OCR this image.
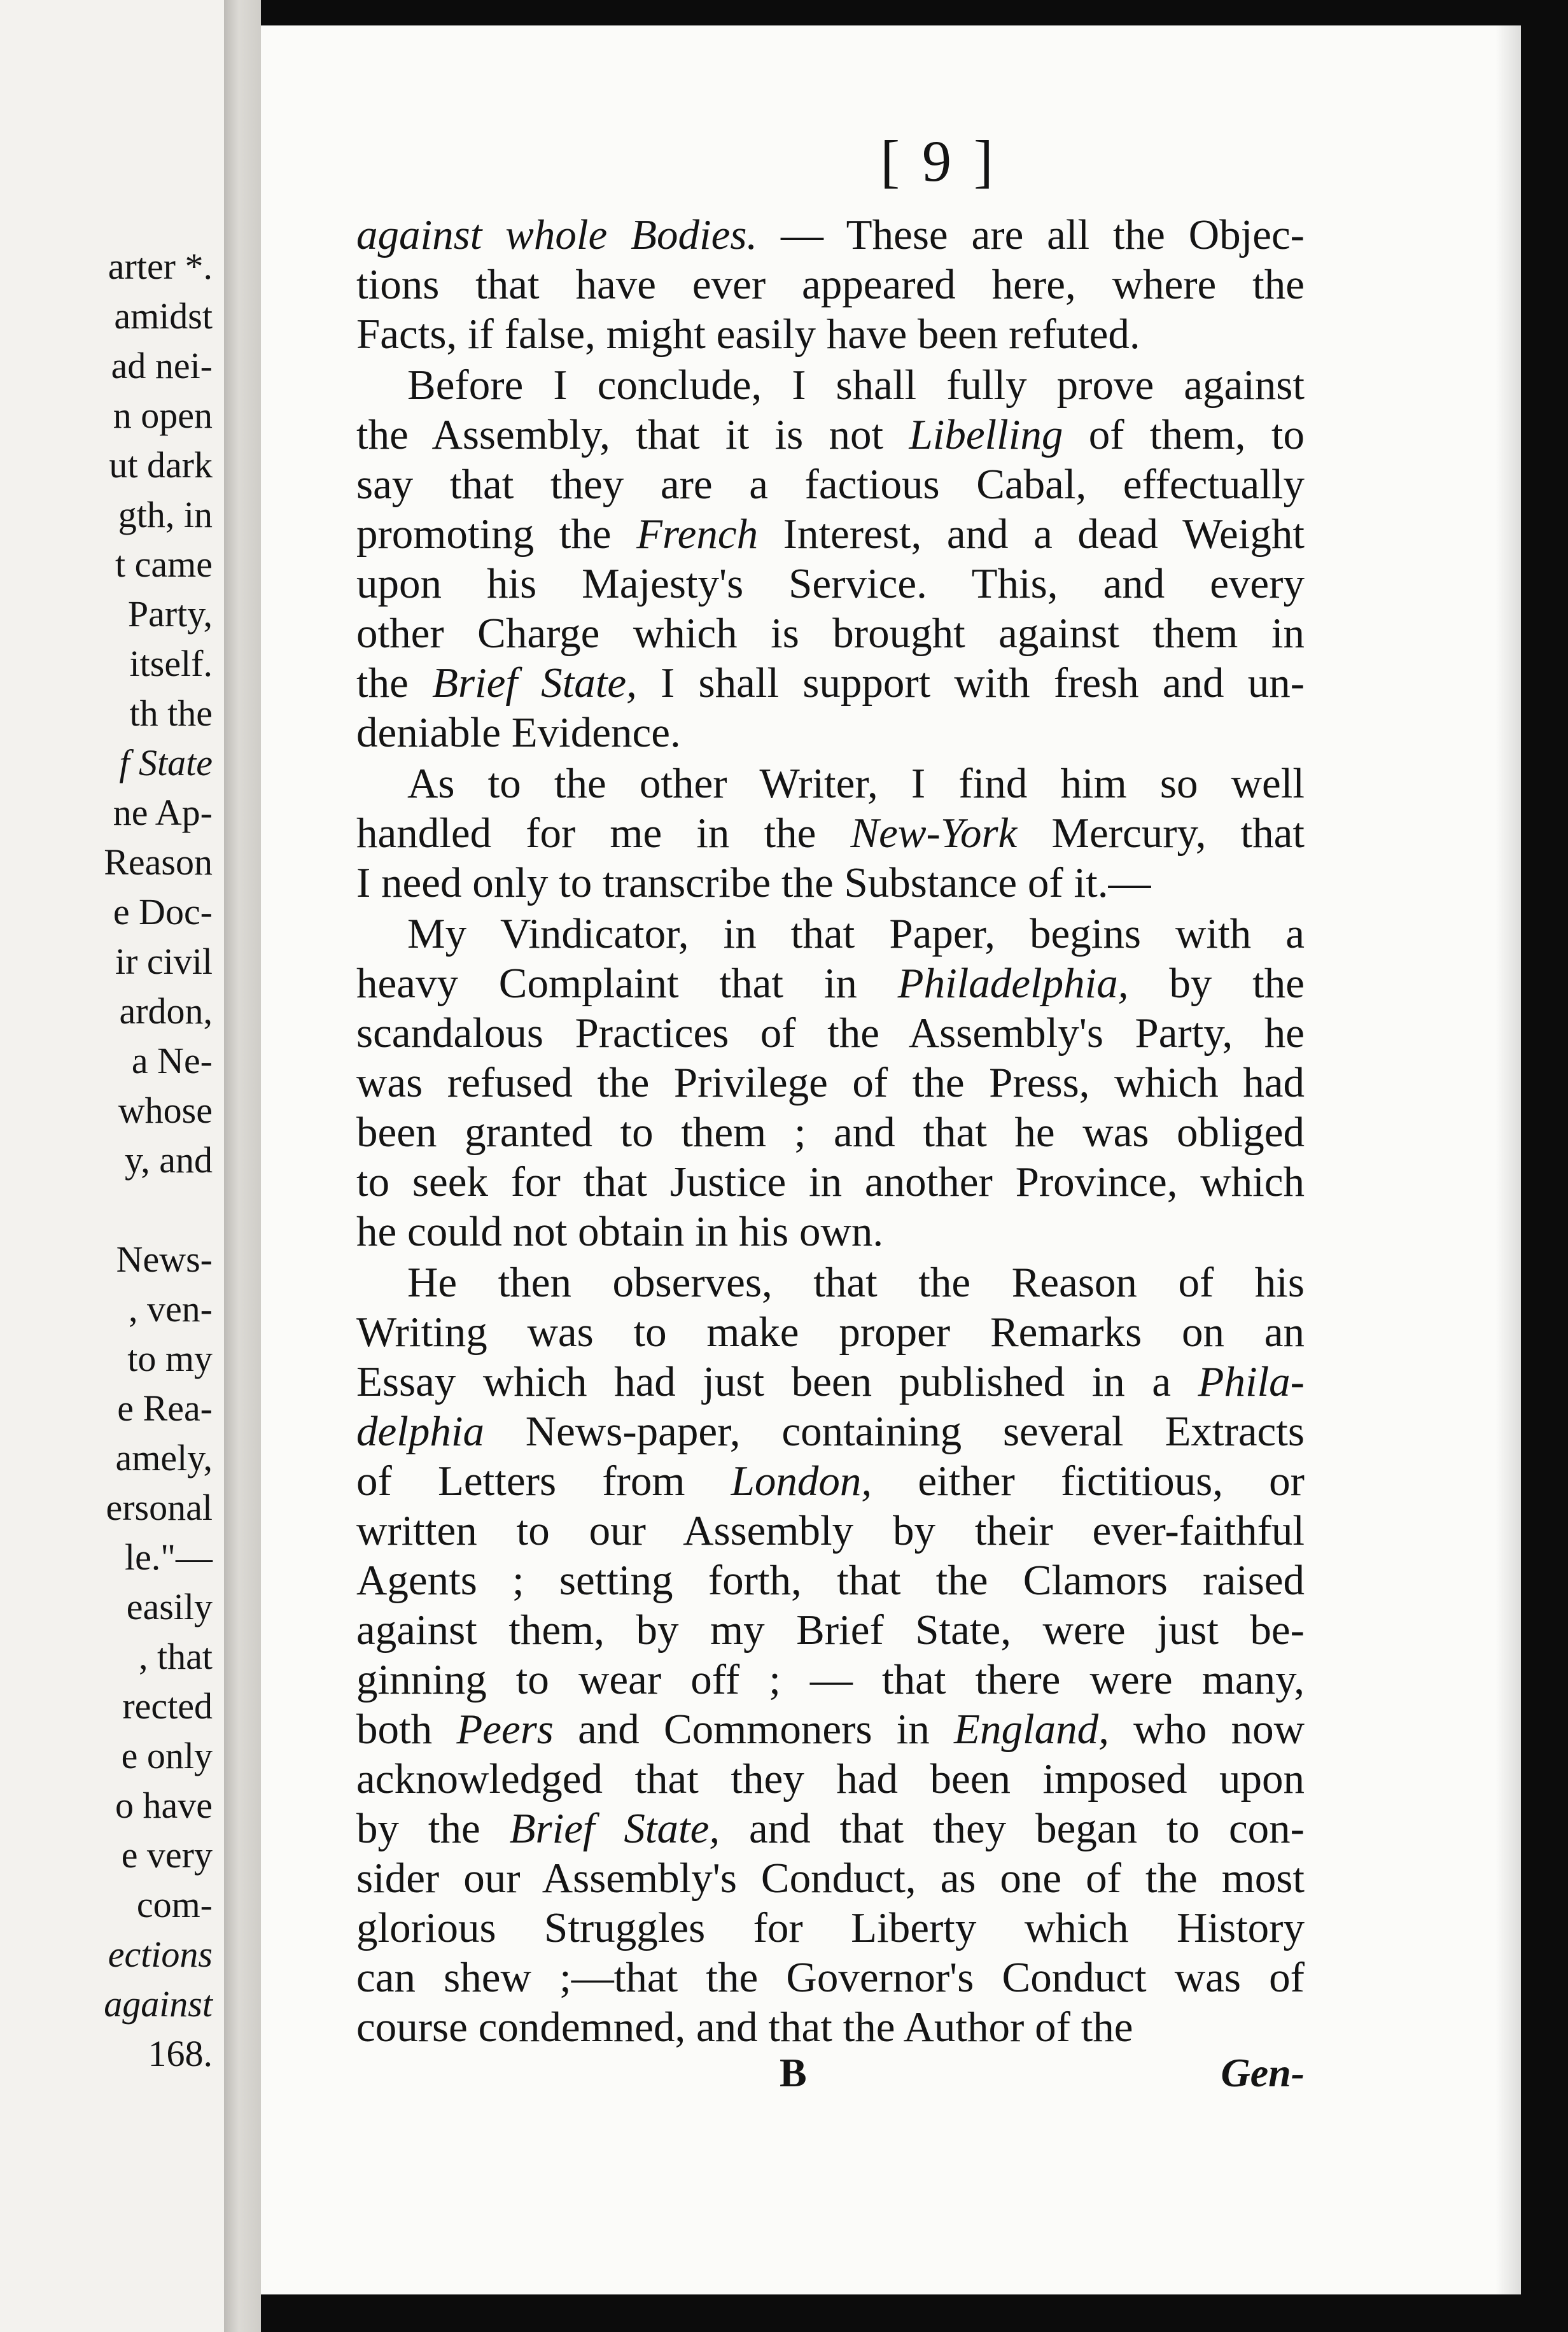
arter *.
amidst
ad nei-
n open
ut dark
gth, in
t came
Party,
itself.
th the
f State
ne Ap-
Reason
e Doc-
ir civil
ardon,
a Ne-
whose
y, and

News-
, ven-
to my
e Rea-
amely,
ersonal
le."—
easily
, that
rected
e only
o have
e very
com-
ections
against
168.
[ 9 ]
against whole Bodies. — These are all the Objec-
tions that have ever appeared here, where the
Facts, if false, might easily have been refuted.
Before I conclude, I shall fully prove against
the Assembly, that it is not Libelling of them, to
say that they are a factious Cabal, effectually
promoting the French Interest, and a dead Weight
upon his Majesty's Service. This, and every
other Charge which is brought against them in
the Brief State, I shall support with fresh and un-
deniable Evidence.
As to the other Writer, I find him so well
handled for me in the New-York Mercury, that
I need only to transcribe the Substance of it.—
My Vindicator, in that Paper, begins with a
heavy Complaint that in Philadelphia, by the
scandalous Practices of the Assembly's Party, he
was refused the Privilege of the Press, which had
been granted to them ; and that he was obliged
to seek for that Justice in another Province, which
he could not obtain in his own.
He then observes, that the Reason of his
Writing was to make proper Remarks on an
Essay which had just been published in a Phila-
delphia News-paper, containing several Extracts
of Letters from London, either fictitious, or
written to our Assembly by their ever-faithful
Agents ; setting forth, that the Clamors raised
against them, by my Brief State, were just be-
ginning to wear off ; — that there were many,
both Peers and Commoners in England, who now
acknowledged that they had been imposed upon
by the Brief State, and that they began to con-
sider our Assembly's Conduct, as one of the most
glorious Struggles for Liberty which History
can shew ;—that the Governor's Conduct was of
course condemned, and that the Author of the
B	Gen-
